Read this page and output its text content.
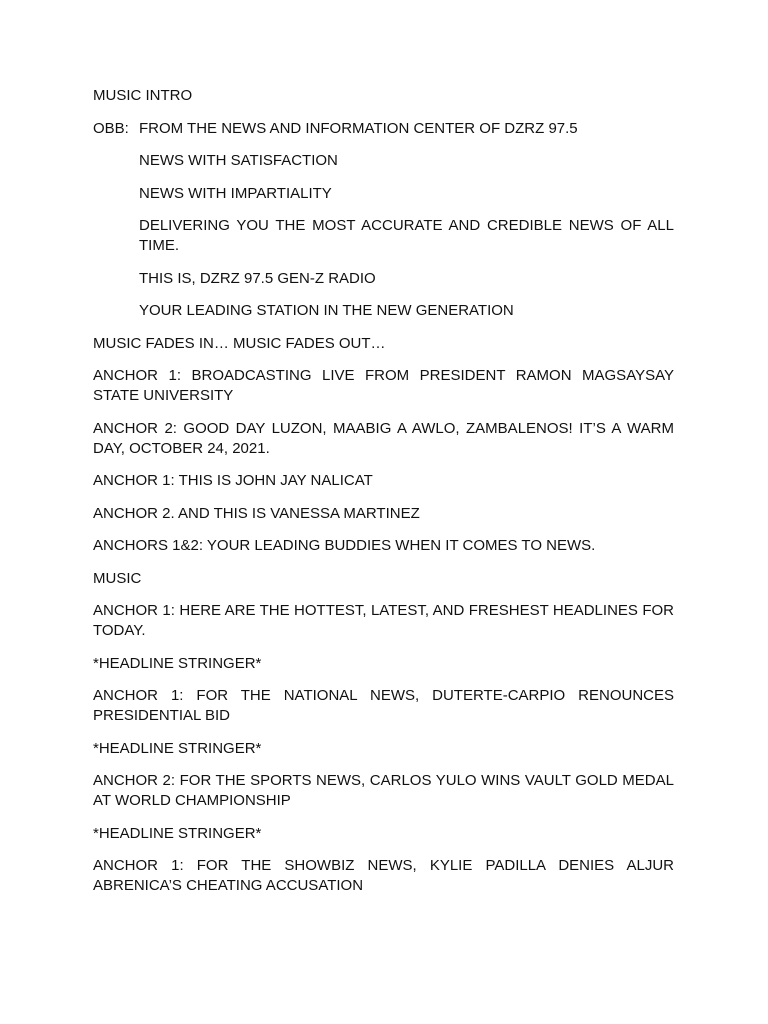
MUSIC INTRO

OBB: FROM THE NEWS AND INFORMATION CENTER OF DZRZ 97.5

NEWS WITH SATISFACTION

NEWS WITH IMPARTIALITY

DELIVERING YOU THE MOST ACCURATE AND CREDIBLE NEWS OF ALL TIME.

THIS IS, DZRZ 97.5 GEN-Z RADIO

YOUR LEADING STATION IN THE NEW GENERATION

MUSIC FADES IN… MUSIC FADES OUT…

ANCHOR 1: BROADCASTING LIVE FROM PRESIDENT RAMON MAGSAYSAY STATE UNIVERSITY

ANCHOR 2: GOOD DAY LUZON, MAABIG A AWLO, ZAMBALENOS! IT’S A WARM DAY, OCTOBER 24, 2021.

ANCHOR 1: THIS IS JOHN JAY NALICAT

ANCHOR 2. AND THIS IS VANESSA MARTINEZ

ANCHORS 1&2: YOUR LEADING BUDDIES WHEN IT COMES TO NEWS.

MUSIC

ANCHOR 1: HERE ARE THE HOTTEST, LATEST, AND FRESHEST HEADLINES FOR TODAY.

*HEADLINE STRINGER*

ANCHOR 1: FOR THE NATIONAL NEWS, DUTERTE-CARPIO RENOUNCES PRESIDENTIAL BID

*HEADLINE STRINGER*

ANCHOR 2: FOR THE SPORTS NEWS, CARLOS YULO WINS VAULT GOLD MEDAL AT WORLD CHAMPIONSHIP

*HEADLINE STRINGER*

ANCHOR 1: FOR THE SHOWBIZ NEWS, KYLIE PADILLA DENIES ALJUR ABRENICA’S CHEATING ACCUSATION
